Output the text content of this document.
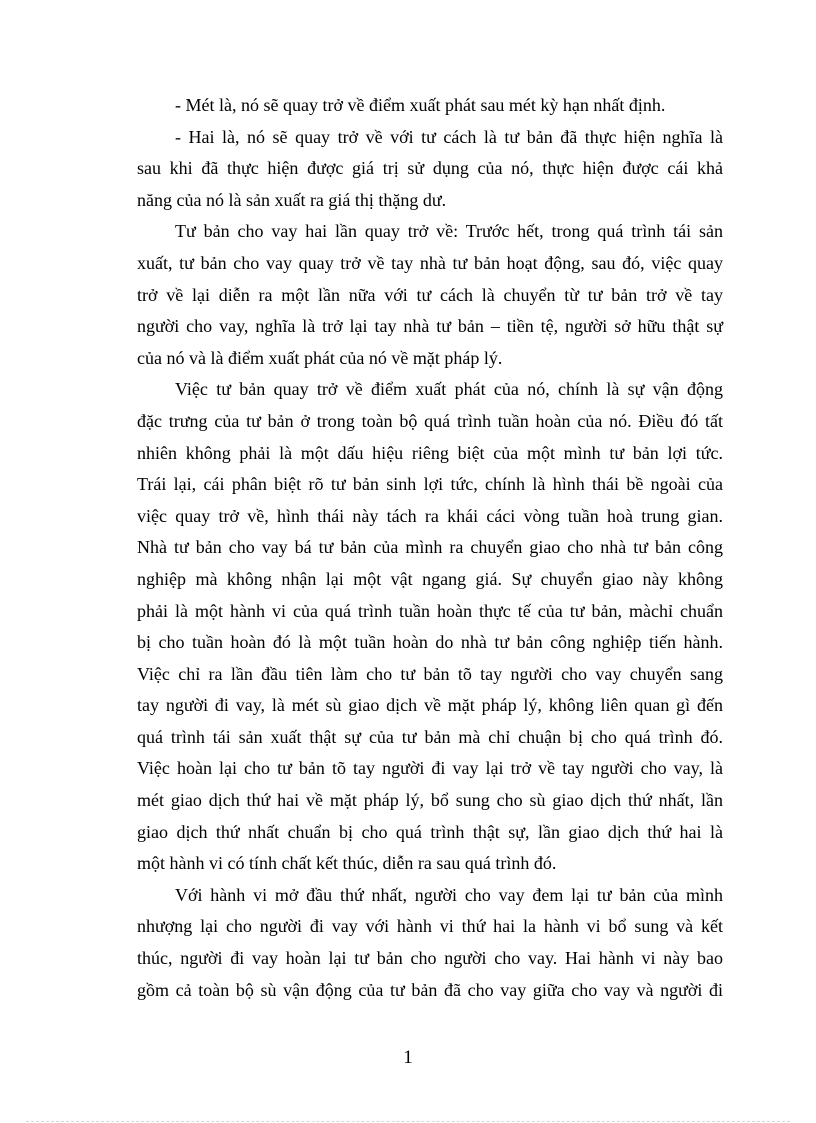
- Mét là, nó sẽ quay trở về điểm xuất phát sau mét kỳ hạn nhất định.
- Hai là, nó sẽ quay trở về với tư cách là tư bản đã thực hiện nghĩa là
sau khi đã thực hiện được giá trị sử dụng của nó, thực hiện được cái khả
năng của nó là sản xuất ra giá thị thặng dư.
Tư bản cho vay hai lần quay trở về: Trước hết, trong quá trình tái sản
xuất, tư bản cho vay quay trở về tay nhà tư bản hoạt động, sau đó, việc quay
trở về lại diễn ra một lần nữa với tư cách là chuyển từ tư bản trở về tay
người cho vay, nghĩa là trở lại tay nhà tư bản – tiền tệ, người sở hữu thật sự
của nó và là điểm xuất phát của nó về mặt pháp lý.
Việc tư bản quay trở về điểm xuất phát của nó, chính là sự vận động
đặc trưng của tư bản ở trong toàn bộ quá trình tuần hoàn của nó. Điều đó tất
nhiên không phải là một dấu hiệu riêng biệt của một mình tư bản lợi tức.
Trái lại, cái phân biệt rõ tư bản sinh lợi tức, chính là hình thái bề ngoài của
việc quay trở về, hình thái này tách ra khái cáci vòng tuần hoà trung gian.
Nhà tư bản cho vay bá tư bản của mình ra chuyển giao cho nhà tư bản công
nghiệp mà không nhận lại một vật ngang giá. Sự chuyển giao này không
phải là một hành vi của quá trình tuần hoàn thực tế của tư bản, màchỉ chuẩn
bị cho tuần hoàn đó là một tuần hoàn do nhà tư bản công nghiệp tiến hành.
Việc chỉ ra lần đầu tiên làm cho tư bản tõ tay người cho vay chuyển sang
tay người đi vay, là mét sù giao dịch về mặt pháp lý, không liên quan gì đến
quá trình tái sản xuất thật sự của tư bản mà chỉ chuận bị cho quá trình đó.
Việc hoàn lại cho tư bản tõ tay người đi vay lại trở về tay người cho vay, là
mét giao dịch thứ hai về mặt pháp lý, bổ sung cho sù giao dịch thứ nhất, lần
giao dịch thứ nhất chuẩn bị cho quá trình thật sự, lần giao dịch thứ hai là
một hành vi có tính chất kết thúc, diễn ra sau quá trình đó.
Với hành vi mở đầu thứ nhất, người cho vay đem lại tư bản của mình
nhượng lại cho người đi vay với hành vi thứ hai la hành vi bổ sung và kết
thúc, người đi vay hoàn lại tư bản cho người cho vay. Hai hành vi này bao
gồm cả toàn bộ sù vận động của tư bản đã cho vay giữa cho vay và người đi
1
